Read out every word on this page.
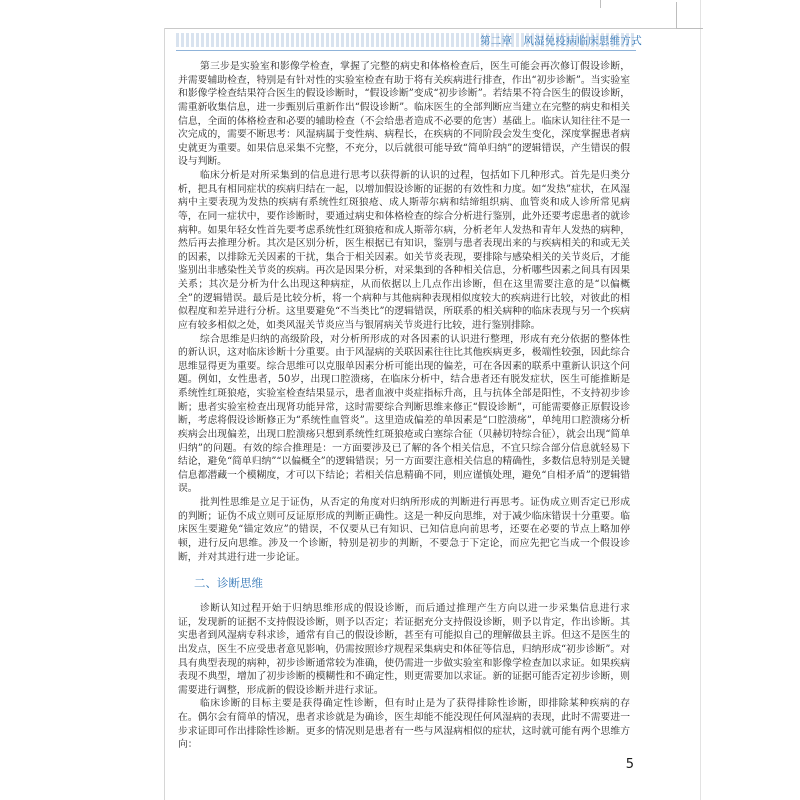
第二章　风湿免疫病临床思维方式

第三步是实验室和影像学检查，掌握了完整的病史和体格检查后，医生可能会再次修订假设诊断，并需要辅助检查，特别是有针对性的实验室检查有助于将有关疾病进行排查，作出“初步诊断”。当实验室和影像学检查结果符合医生的假设诊断时，“假设诊断”变成“初步诊断”。若结果不符合医生的假设诊断，需重新收集信息，进一步甄别后重新作出“假设诊断”。临床医生的全部判断应当建立在完整的病史和相关信息，全面的体格检查和必要的辅助检查（不会给患者造成不必要的危害）基础上。临床认知往往不是一次完成的，需要不断思考：风湿病属于变性病、病程长，在疾病的不同阶段会发生变化，深度掌握患者病史就更为重要。如果信息采集不完整，不充分，以后就很可能导致“简单归纳”的逻辑错误，产生错误的假设与判断。

临床分析是对所采集到的信息进行思考以获得新的认识的过程，包括如下几种形式。首先是归类分析，把具有相同症状的疾病归结在一起，以增加假设诊断的证据的有效性和力度。如“发热”症状，在风湿病中主要表现为发热的疾病有系统性红斑狼疮、成人斯蒂尔病和结缔组织病、血管炎和成人诊所常见病等，在同一症状中，要作诊断时，要通过病史和体格检查的综合分析进行鉴别，此外还要考虑患者的就诊病种。如果年轻女性首先要考虑系统性红斑狼疮和成人斯蒂尔病，分析老年人发热和青年人发热的病种，然后再去推理分析。其次是区别分析，医生根据已有知识，鉴别与患者表现出来的与疾病相关的和或无关的因素，以排除无关因素的干扰，集合于相关因素。如关节炎表现，要排除与感染相关的关节炎后，才能鉴别出非感染性关节炎的疾病。再次是因果分析，对采集到的各种相关信息，分析哪些因素之间具有因果关系；其次是分析为什么出现这种病症，从而依据以上几点作出诊断，但在这里需要注意的是“以偏概全”的逻辑错误。最后是比较分析，将一个病种与其他病种表现相似度较大的疾病进行比较，对彼此的相似程度和差异进行分析。这里要避免“不当类比”的逻辑错误，所联系的相关病种的临床表现与另一个疾病应有较多相似之处，如类风湿关节炎应当与银屑病关节炎进行比较，进行鉴别排除。

综合思维是归纳的高级阶段，对分析所形成的对各因素的认识进行整理，形成有充分依据的整体性的新认识，这对临床诊断十分重要。由于风湿病的关联因素往往比其他疾病更多，极端性较强，因此综合思维显得更为重要。综合思维可以克服单因素分析可能出现的偏差，可在各因素的联系中重新认识这个问题。例如，女性患者，50岁，出现口腔溃疡，在临床分析中，结合患者还有脱发症状，医生可能推断是系统性红斑狼疮，实验室检查结果显示，患者血液中炎症指标升高，且与抗体全部是阳性，不支持初步诊断；患者实验室检查出现肾功能异常，这时需要综合判断思维来修正“假设诊断”，可能需要修正原假设诊断，考虑将假设诊断修正为“系统性血管炎”。这里造成偏差的单因素是“口腔溃疡”，单纯用口腔溃疡分析疾病会出现偏差，出现口腔溃疡只想到系统性红斑狼疮或白塞综合征（贝赫切特综合征），就会出现“简单归纳”的问题。有效的综合推理是：一方面要涉及已了解的各个相关信息，不宜只综合部分信息就轻易下结论，避免“简单归纳”“以偏概全”的逻辑错误；另一方面要注意相关信息的精确性，多数信息特别是关键信息都潜藏一个模糊度，才可以下结论；若相关信息精确不同，则应谨慎处理，避免“自相矛盾”的逻辑错误。

批判性思维是立足于证伪，从否定的角度对归纳所形成的判断进行再思考。证伪成立则否定已形成的判断；证伪不成立则可反证原形成的判断正确性。这是一种反向思维，对于减少临床错误十分重要。临床医生要避免“锚定效应”的错误，不仅要从已有知识、已知信息向前思考，还要在必要的节点上略加停顿，进行反向思维。涉及一个诊断，特别是初步的判断，不要急于下定论，而应先把它当成一个假设诊断，并对其进行进一步论证。

二、诊断思维

诊断认知过程开始于归纳思维形成的假设诊断，而后通过推理产生方向以进一步采集信息进行求证，发现新的证据不支持假设诊断，则予以否定；若证据充分支持假设诊断，则予以肯定，作出诊断。其实患者到风湿病专科求诊，通常有自己的假设诊断，甚至有可能拟自己的理解做县主诉。但这不是医生的出发点，医生不应受患者意见影响，仍需按照诊疗规程采集病史和体征等信息，归纳形成“初步诊断”。对具有典型表现的病种，初步诊断通常较为准确，使仍需进一步做实验室和影像学检查加以求证。如果疾病表现不典型，增加了初步诊断的模糊性和不确定性，则更需要加以求证。新的证据可能否定初步诊断，则需要进行调整，形成新的假设诊断并进行求证。

临床诊断的目标主要是获得确定性诊断，但有时止是为了获得排除性诊断，即排除某种疾病的存在。偶尔会有简单的情况，患者求诊就是为确诊，医生却能不能没现任何风湿病的表现，此时不需要进一步求证即可作出排除性诊断。更多的情况则是患者有一些与风湿病相似的症状，这时就可能有两个思维方向：

5
